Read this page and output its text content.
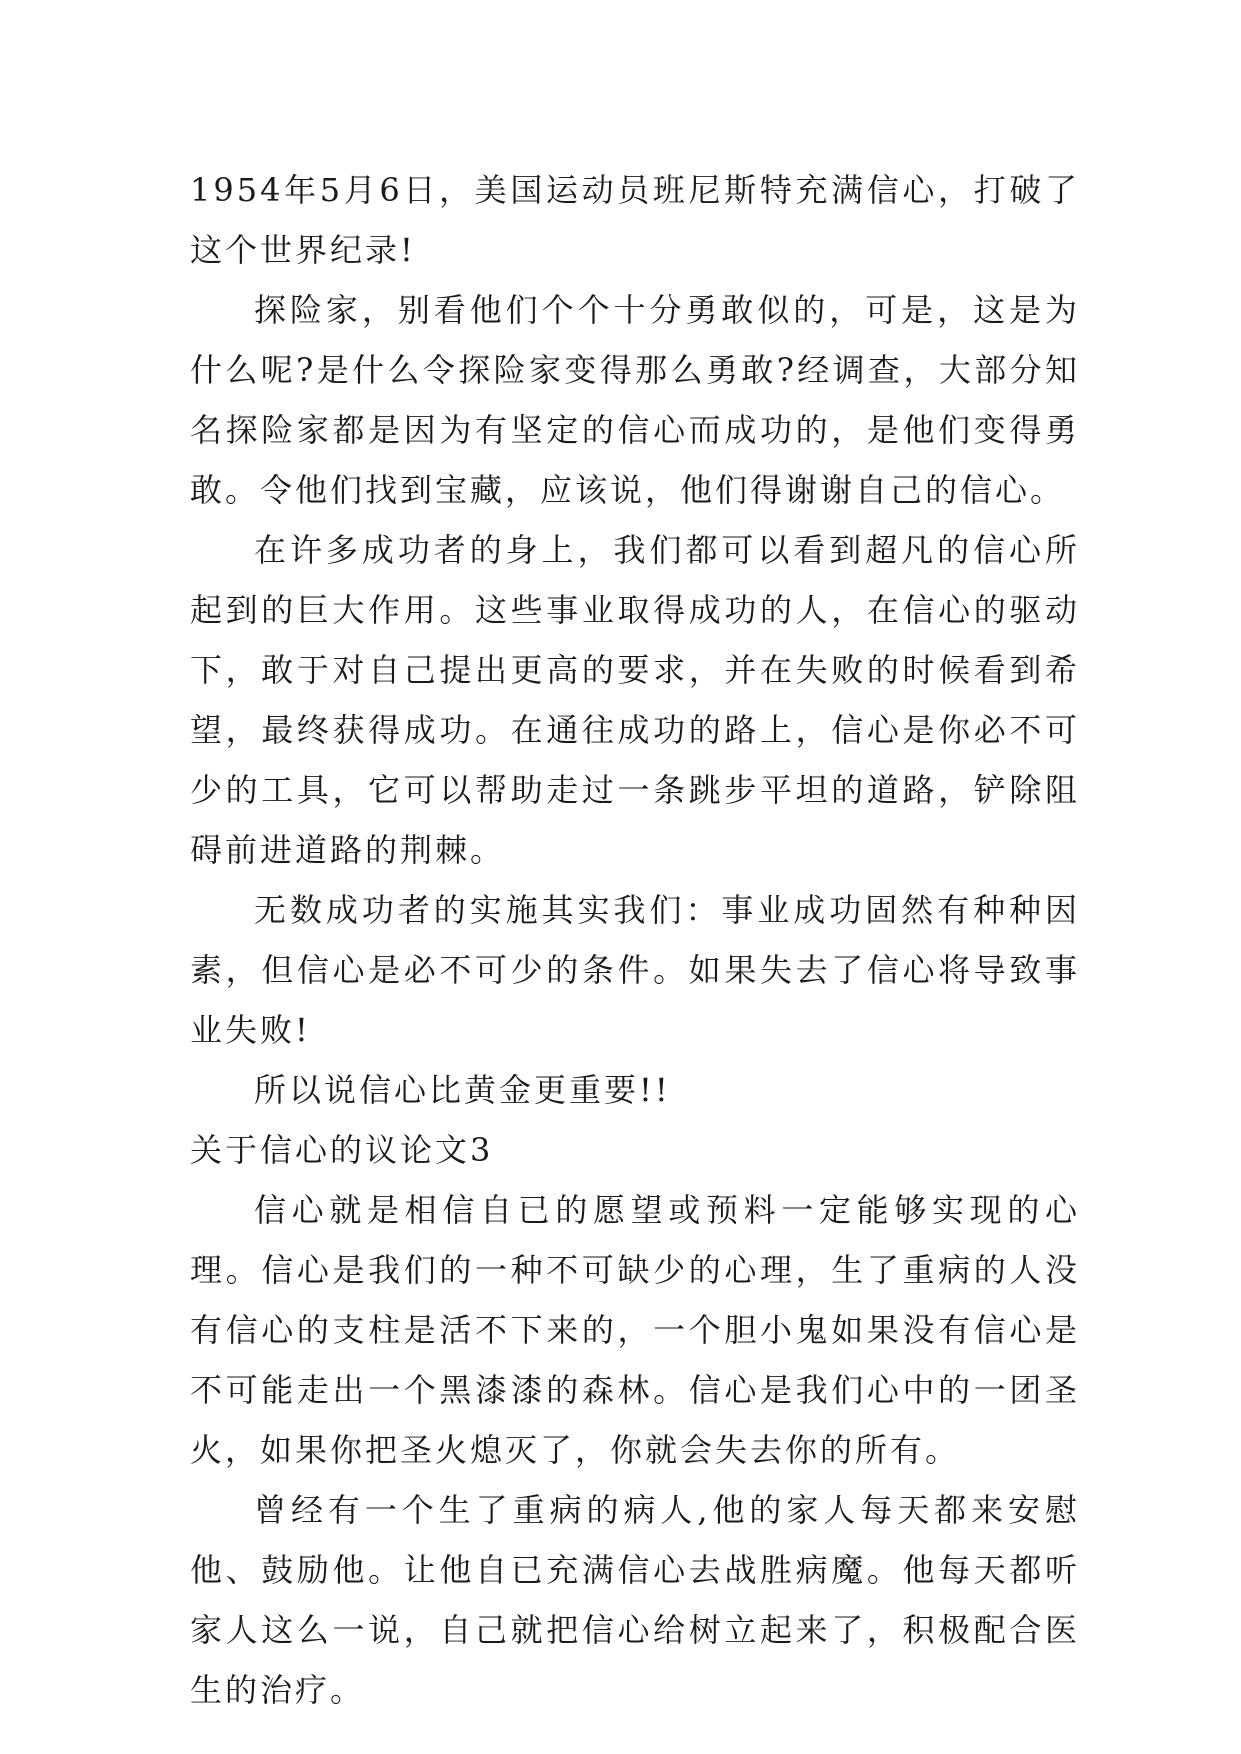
1954年5月6日，美国运动员班尼斯特充满信心，打破了这个世界纪录!

探险家，别看他们个个十分勇敢似的，可是，这是为什么呢?是什么令探险家变得那么勇敢?经调查，大部分知名探险家都是因为有坚定的信心而成功的，是他们变得勇敢。令他们找到宝藏，应该说，他们得谢谢自己的信心。

在许多成功者的身上，我们都可以看到超凡的信心所起到的巨大作用。这些事业取得成功的人，在信心的驱动下，敢于对自己提出更高的要求，并在失败的时候看到希望，最终获得成功。在通往成功的路上，信心是你必不可少的工具，它可以帮助走过一条跳步平坦的道路，铲除阻碍前进道路的荆棘。

无数成功者的实施其实我们：事业成功固然有种种因素，但信心是必不可少的条件。如果失去了信心将导致事业失败!

所以说信心比黄金更重要!!

关于信心的议论文3

信心就是相信自已的愿望或预料一定能够实现的心理。信心是我们的一种不可缺少的心理，生了重病的人没有信心的支柱是活不下来的，一个胆小鬼如果没有信心是不可能走出一个黑漆漆的森林。信心是我们心中的一团圣火，如果你把圣火熄灭了，你就会失去你的所有。

曾经有一个生了重病的病人,他的家人每天都来安慰他、鼓励他。让他自已充满信心去战胜病魔。他每天都听家人这么一说，自己就把信心给树立起来了，积极配合医生的治疗。
